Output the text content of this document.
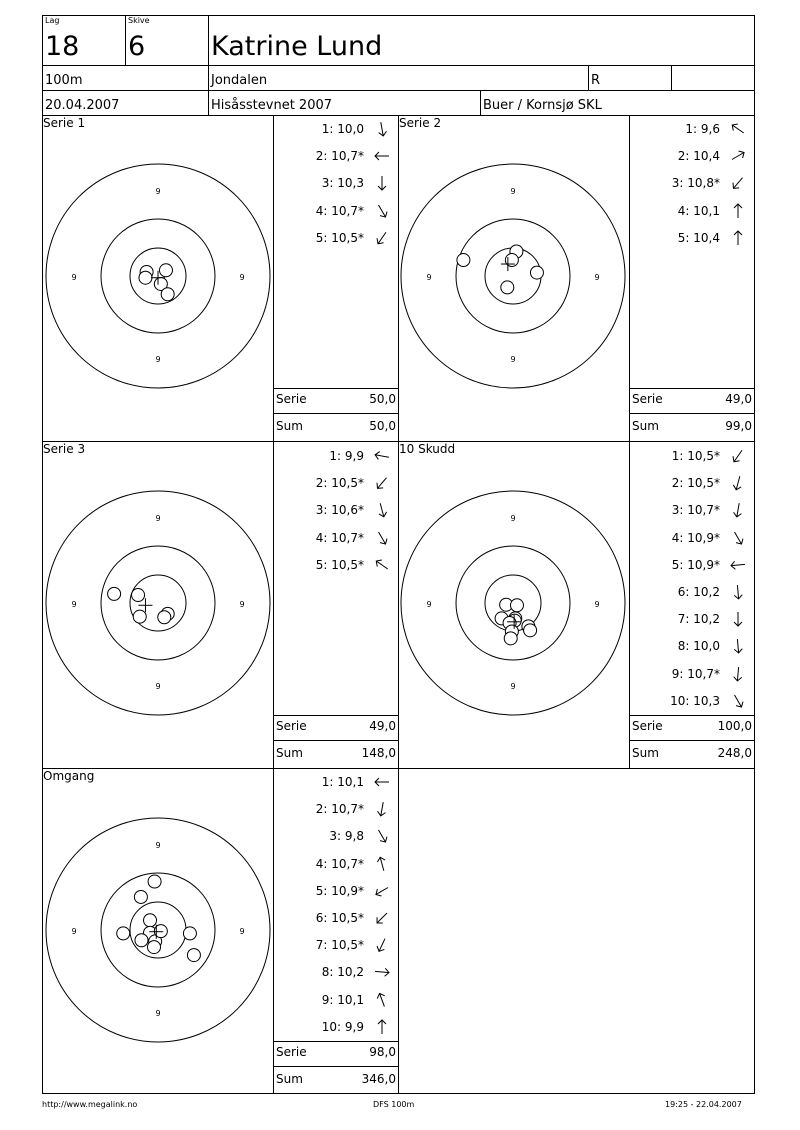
Lag
18
Skive
6 Katrine Lund
100m	Jondalen	R
20.04.2007	Hisåsstevnet 2007	Buer / Kornsjø SKL
Serie 1
9
9
9	9
1: 10,0
2: 10,7*
3: 10,3
4: 10,7*
5: 10,5*
Serie	50,0
Sum	50,0
Serie 2
9
9
9	9
1: 9,6
2: 10,4
3: 10,8*
4: 10,1
5: 10,4
Serie	49,0
Sum	99,0
Serie 3
9
9
9	9
1: 9,9
2: 10,5*
3: 10,6*
4: 10,7*
5: 10,5*
Serie	49,0
Sum	148,0
10 Skudd
9
9
9	9
1: 10,5*
2: 10,5*
3: 10,7*
4: 10,9*
5: 10,9*
6: 10,2
7: 10,2
8: 10,0
9: 10,7*
10: 10,3
Serie	100,0
Sum	248,0
Omgang
9
9
9	9
1: 10,1
2: 10,7*
3: 9,8
4: 10,7*
5: 10,9*
6: 10,5*
7: 10,5*
8: 10,2
9: 10,1
10: 9,9
Serie	98,0
Sum	346,0
http://www.megalink.no	DFS 100m	19:25 - 22.04.2007
